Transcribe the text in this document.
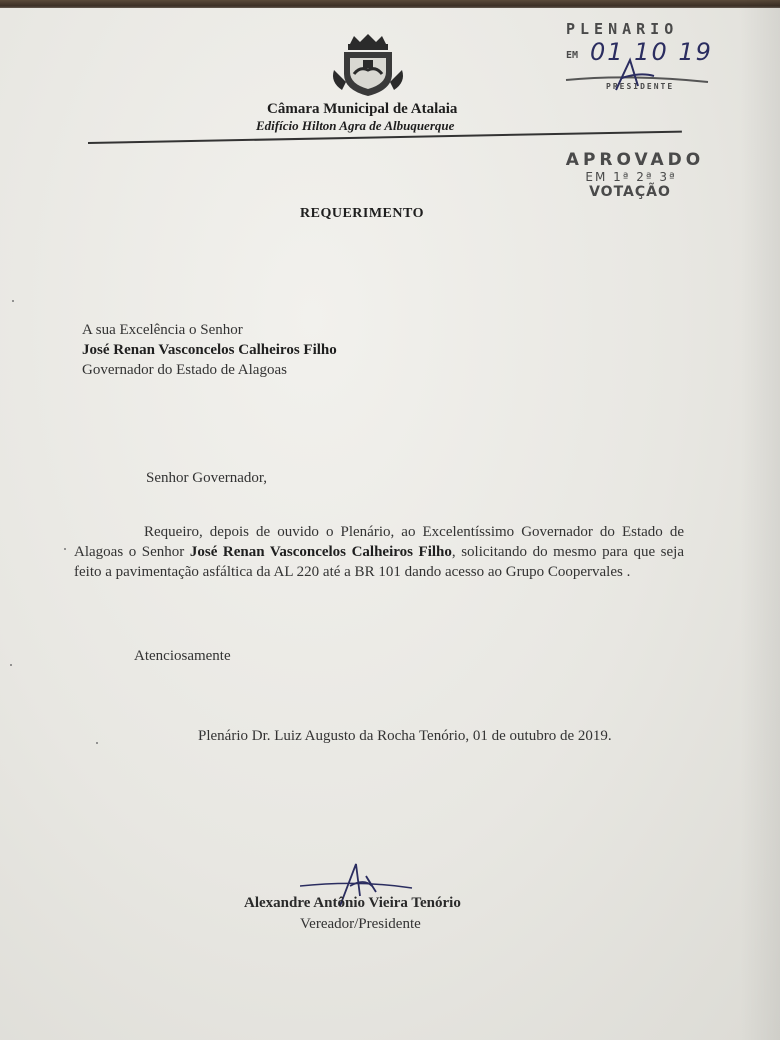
Câmara Municipal de Atalaia
Edifício Hilton Agra de Albuquerque
PLENARIO
EM 01 10 19
PRESIDENTE
APROVADO
EM 1ª 2ª 3ª
VOTAÇÃO
REQUERIMENTO
A sua Excelência o Senhor
José Renan Vasconcelos Calheiros Filho
Governador do Estado de Alagoas
Senhor Governador,
Requeiro, depois de ouvido o Plenário, ao Excelentíssimo Governador do Estado de Alagoas o Senhor José Renan Vasconcelos Calheiros Filho, solicitando do mesmo para que seja feito a pavimentação asfáltica da AL 220 até a BR 101 dando acesso ao Grupo Coopervales .
Atenciosamente
Plenário Dr. Luiz Augusto da Rocha Tenório, 01 de outubro de 2019.
Alexandre Antônio Vieira Tenório
Vereador/Presidente
